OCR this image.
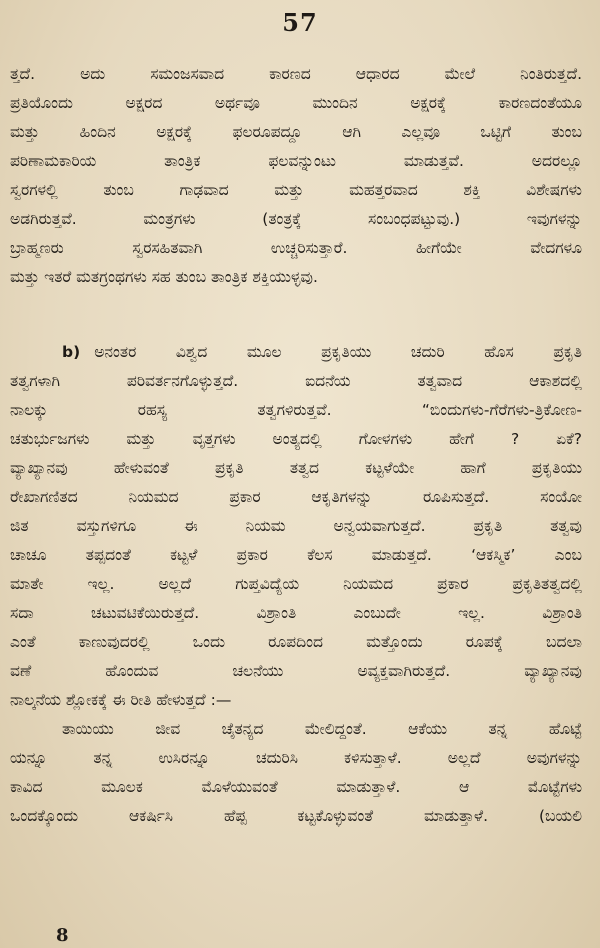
57
ತ್ತದೆ. ಅದು ಸಮಂಜಸವಾದ ಕಾರಣದ ಆಧಾರದ ಮೇಲೆ ನಿಂತಿರುತ್ತದೆ.
ಪ್ರತಿಯೊಂದು ಅಕ್ಷರದ ಅರ್ಥವೂ ಮುಂದಿನ ಅಕ್ಷರಕ್ಕೆ ಕಾರಣದಂತೆಯೂ
ಮತ್ತು ಹಿಂದಿನ ಅಕ್ಷರಕ್ಕೆ ಫಲರೂಪದ್ದೂ ಆಗಿ ಎಲ್ಲವೂ ಒಟ್ಟಿಗೆ ತುಂಬ
ಪರಿಣಾಮಕಾರಿಯ ತಾಂತ್ರಿಕ ಫಲವನ್ನುಂಟು ಮಾಡುತ್ತವೆ. ಅದರಲ್ಲೂ
ಸ್ವರಗಳಲ್ಲಿ ತುಂಬ ಗಾಢವಾದ ಮತ್ತು ಮಹತ್ತರವಾದ ಶಕ್ತಿ ವಿಶೇಷಗಳು
ಅಡಗಿರುತ್ತವೆ. ಮಂತ್ರಗಳು (ತಂತ್ರಕ್ಕೆ ಸಂಬಂಧಪಟ್ಟುವು.) ಇವುಗಳನ್ನು
ಬ್ರಾಹ್ಮಣರು ಸ್ವರಸಹಿತವಾಗಿ ಉಚ್ಚರಿಸುತ್ತಾರೆ. ಹೀಗೆಯೇ ವೇದಗಳೂ
ಮತ್ತು ಇತರೆ ಮತಗ್ರಂಥಗಳು ಸಹ ತುಂಬ ತಾಂತ್ರಿಕ ಶಕ್ತಿಯುಳ್ಳವು.
b) ಅನಂತರ ವಿಶ್ವದ ಮೂಲ ಪ್ರಕೃತಿಯು ಚದುರಿ ಹೊಸ ಪ್ರಕೃತಿ
ತತ್ವಗಳಾಗಿ ಪರಿವರ್ತನಗೊಳ್ಳುತ್ತದೆ. ಐದನೆಯ ತತ್ವವಾದ ಆಕಾಶದಲ್ಲಿ
ನಾಲಕ್ಕು ರಹಸ್ಯ ತತ್ವಗಳಿರುತ್ತವೆ. “ಬಿಂದುಗಳು-ಗೆರೆಗಳು-ತ್ರಿಕೋಣ-
ಚತುರ್ಭುಜಗಳು ಮತ್ತು ವೃತ್ತಗಳು ಅಂತ್ಯದಲ್ಲಿ ಗೋಳಗಳು ಹೇಗೆ ? ಏಕೆ?
ವ್ಯಾಖ್ಯಾನವು ಹೇಳುವಂತೆ ಪ್ರಕೃತಿ ತತ್ವದ ಕಟ್ಟಳೆಯೇ ಹಾಗೆ ಪ್ರಕೃತಿಯು
ರೇಖಾಗಣಿತದ ನಿಯಮದ ಪ್ರಕಾರ ಆಕೃತಿಗಳನ್ನು ರೂಪಿಸುತ್ತದೆ. ಸಂಯೋ
ಜಿತ ವಸ್ತುಗಳಿಗೂ ಈ ನಿಯಮ ಅನ್ವಯವಾಗುತ್ತದೆ. ಪ್ರಕೃತಿ ತತ್ವವು
ಚಾಚೂ ತಪ್ಪದಂತೆ ಕಟ್ಟಳೆ ಪ್ರಕಾರ ಕೆಲಸ ಮಾಡುತ್ತದೆ. ‘ಆಕಸ್ಮಿಕ’ ಎಂಬ
ಮಾತೇ ಇಲ್ಲ. ಅಲ್ಲದೆ ಗುಪ್ತವಿದ್ಯೆಯ ನಿಯಮದ ಪ್ರಕಾರ ಪ್ರಕೃತಿತತ್ವದಲ್ಲಿ
ಸದಾ ಚಟುವಟಿಕೆಯಿರುತ್ತದೆ. ವಿಶ್ರಾಂತಿ ಎಂಬುದೇ ಇಲ್ಲ. ವಿಶ್ರಾಂತಿ
ಎಂತೆ ಕಾಣುವುದರಲ್ಲಿ ಒಂದು ರೂಪದಿಂದ ಮತ್ತೊಂದು ರೂಪಕ್ಕೆ ಬದಲಾ
ವಣೆ ಹೊಂದುವ ಚಲನೆಯು ಅವ್ಯಕ್ತವಾಗಿರುತ್ತದೆ. ವ್ಯಾಖ್ಯಾನವು
ನಾಲ್ಕನೆಯ ಶ್ಲೋಕಕ್ಕೆ ಈ ರೀತಿ ಹೇಳುತ್ತದೆ :—
ತಾಯಿಯು ಜೀವ ಚೈತನ್ಯದ ಮೇಲಿದ್ದಂತೆ. ಆಕೆಯು ತನ್ನ ಹೊಟ್ಟೆ
ಯನ್ನೂ ತನ್ನ ಉಸಿರನ್ನೂ ಚದುರಿಸಿ ಕಳಿಸುತ್ತಾಳೆ. ಅಲ್ಲದೆ ಅವುಗಳನ್ನು
ಕಾವಿದ ಮೂಲಕ ಮೊಳೆಯುವಂತೆ ಮಾಡುತ್ತಾಳೆ. ಆ ಮೊಟ್ಟೆಗಳು
ಒಂದಕ್ಕೊಂದು ಆಕರ್ಷಿಸಿ ಹೆಪ್ಪ ಕಟ್ಟಕೊಳ್ಳುವಂತೆ ಮಾಡುತ್ತಾಳೆ. (ಬಯಲಿ
8
